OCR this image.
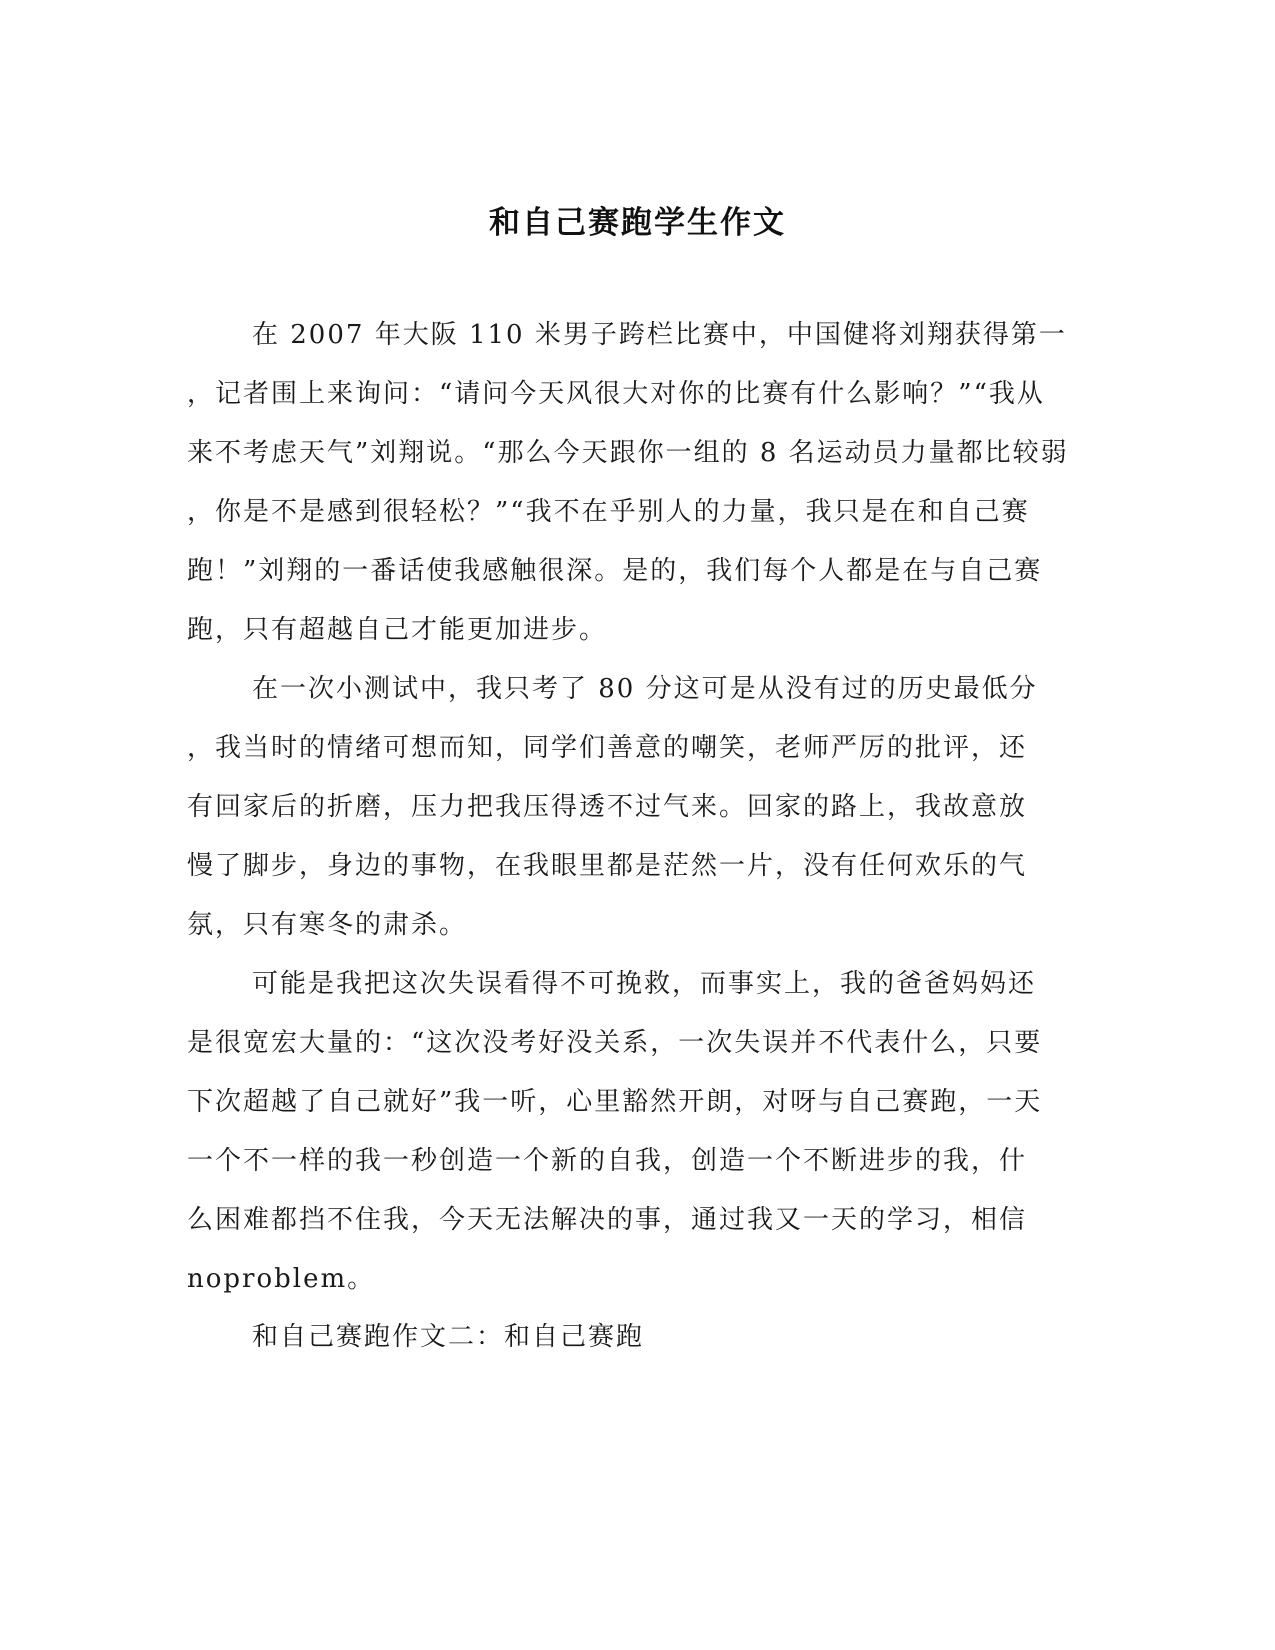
和自己赛跑学生作文
在 2007 年大阪 110 米男子跨栏比赛中，中国健将刘翔获得第一
，记者围上来询问：“请问今天风很大对你的比赛有什么影响？”“我从
来不考虑天气”刘翔说。“那么今天跟你一组的 8 名运动员力量都比较弱
，你是不是感到很轻松？”“我不在乎别人的力量，我只是在和自己赛
跑！”刘翔的一番话使我感触很深。是的，我们每个人都是在与自己赛
跑，只有超越自己才能更加进步。
在一次小测试中，我只考了 80 分这可是从没有过的历史最低分
，我当时的情绪可想而知，同学们善意的嘲笑，老师严厉的批评，还
有回家后的折磨，压力把我压得透不过气来。回家的路上，我故意放
慢了脚步，身边的事物，在我眼里都是茫然一片，没有任何欢乐的气
氛，只有寒冬的肃杀。
可能是我把这次失误看得不可挽救，而事实上，我的爸爸妈妈还
是很宽宏大量的：“这次没考好没关系，一次失误并不代表什么，只要
下次超越了自己就好”我一听，心里豁然开朗，对呀与自己赛跑，一天
一个不一样的我一秒创造一个新的自我，创造一个不断进步的我，什
么困难都挡不住我，今天无法解决的事，通过我又一天的学习，相信
noproblem。
和自己赛跑作文二：和自己赛跑
